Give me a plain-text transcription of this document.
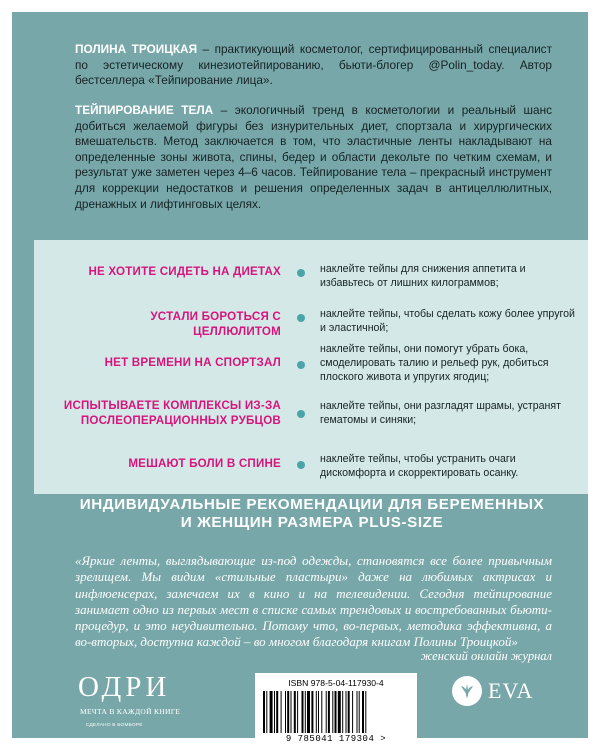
ПОЛИНА ТРОИЦКАЯ – практикующий косметолог, сертифицированный специалист по эстетическому кинезиотейпированию, бьюти-блогер @Polin_today. Автор бестселлера «Тейпирование лица».

ТЕЙПИРОВАНИЕ ТЕЛА – экологичный тренд в косметологии и реальный шанс добиться желаемой фигуры без изнурительных диет, спортзала и хирургических вмешательств. Метод заключается в том, что эластичные ленты накладывают на определенные зоны живота, спины, бедер и области декольте по четким схемам, и результат уже заметен через 4–6 часов. Тейпирование тела – прекрасный инструмент для коррекции недостатков и решения определенных задач в антицеллюлитных, дренажных и лифтинговых целях.

НЕ ХОТИТЕ СИДЕТЬ НА ДИЕТАХ	наклейте тейпы для снижения аппетита и избавьтесь от лишних килограммов;
УСТАЛИ БОРОТЬСЯ С ЦЕЛЛЮЛИТОМ
наклейте тейпы, чтобы сделать кожу более упругой и эластичной;
НЕТ ВРЕМЕНИ НА СПОРТЗАЛ
наклейте тейпы, они помогут убрать бока, смоделировать талию и рельеф рук, добиться плоского живота и упругих ягодиц;
ИСПЫТЫВАЕТЕ КОМПЛЕКСЫ ИЗ-ЗА ПОСЛЕОПЕРАЦИОННЫХ РУБЦОВ
наклейте тейпы, они разгладят шрамы, устранят гематомы и синяки;
МЕШАЮТ БОЛИ В СПИНЕ	наклейте тейпы, чтобы устранить очаги дискомфорта и скорректировать осанку.
ИНДИВИДУАЛЬНЫЕ РЕКОМЕНДАЦИИ ДЛЯ БЕРЕМЕННЫХ И ЖЕНЩИН РАЗМЕРА PLUS-SIZE

«Яркие ленты, выглядывающие из-под одежды, становятся все более привычным зрелищем. Мы видим «стильные пластыри» даже на любимых актрисах и инфлюенсерах, замечаем их в кино и на телевидении. Сегодня тейпирование занимает одно из первых мест в списке самых трендовых и востребованных бьюти-процедур, и это неудивительно. Потому что, во-первых, методика эффективна, а во-вторых, доступна каждой – во многом благодаря книгам Полины Троицкой»

женский онлайн журнал
ОДРИ
МЕЧТА В КАЖДОЙ КНИГЕ
СДЕЛАНО В БОМБОРЕ
ISBN 978-5-04-117930-4
9 785041 179304 >
EVA
